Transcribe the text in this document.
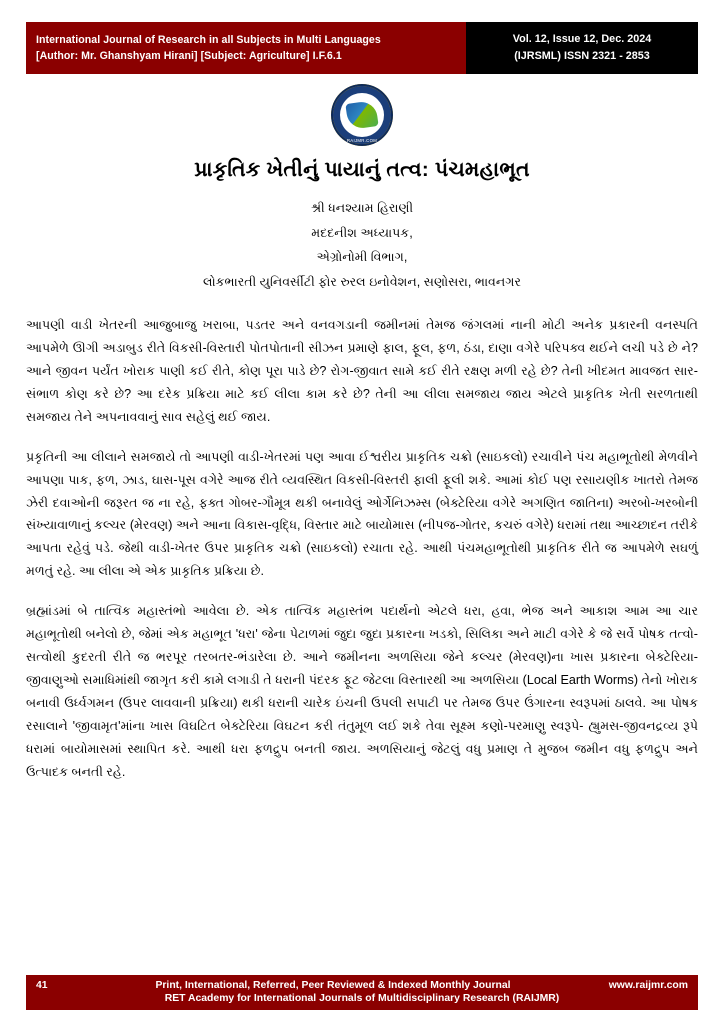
International Journal of Research in all Subjects in Multi Languages
[Author: Mr. Ghanshyam Hirani] [Subject: Agriculture] I.F.6.1
Vol. 12, Issue 12, Dec. 2024
(IJRSML) ISSN 2321 - 2853
RAIJMR.COM
પ્રાકૃતિક ખેતીનું પાયાનું તત્વ: પંચમહાભૂત
શ્રી ધનશ્યામ હિરાણી
મદદનીશ અધ્યાપક,
એગ્રોનોમી વિભાગ,
લોકભારતી યુનિવર્સીટી ફોર રુરલ ઇનોવેશન, સણોસરા, ભાવનગર

આપણી વાડી ખેતરની આજુબાજુ ખરાબા, પડતર અને વનવગડાની જમીનમાં તેમજ જંગલમાં નાની મોટી અનેક પ્રકારની વનસ્પતિ આપમેળે ઊગી અડાબુડ રીતે વિકસી-વિસ્તારી પોતપોતાની સીઝન પ્રમાણે ફાલ, ફૂલ, ફળ, ઠંડા, દાણા વગેરે પરિપક્વ થઈને લચી પડે છે ને? આને જીવન પર્યંત ખોરાક પાણી કઈ રીતે, કોણ પૂરા પાડે છે? રોગ-જીવાત સામે કઈ રીતે રક્ષણ મળી રહે છે? તેની ખીદમત માવજત સાર-સંભાળ કોણ કરે છે? આ દરેક પ્રક્રિયા માટે કઈ લીલા કામ કરે છે? તેની આ લીલા સમજાય જાય એટલે પ્રાકૃતિક ખેતી સરળતાથી સમજાય તેને અપનાવવાનું સાવ સહેલું થઈ જાય.

પ્રકૃતિની આ લીલાને સમજાયે તો આપણી વાડી-ખેતરમાં પણ આવા ઈશ્વરીય પ્રાકૃતિક ચક્રો (સાઇકલો) રચાવીને પંચ મહાભૂતોથી મેળવીને આપણા પાક, ફળ, ઝાડ, ઘાસ-પૂસ વગેરે આજ રીતે વ્યવસ્થિત વિકસી-વિસ્તરી ફાલી ફૂલી શકે. આમાં કોઈ પણ રસાયણીક ખાતરો તેમજ ઝેરી દવાઓની જરૂરત જ ના રહે, ફક્ત ગોબર-ગૌમૂત્ર થકી બનાવેલું ઓર્ગેનિઝમ્સ (બેક્ટેરિયા વગેરે અગણિત જાતિના) અરબો-ખરબોની સંખ્યાવાળાનું કલ્ચર (મેરવણ) અને આના વિકાસ-વૃદ્ધિ, વિસ્તાર માટે બાયોમાસ (નીપજ-ગોતર, કચરું વગેરે) ધરામાં તથા આચ્છાદન તરીકે આપતા રહેવું પડે. જેથી વાડી-ખેતર ઉપર પ્રાકૃતિક ચક્રો (સાઇકલો) રચાતા રહે. આથી પંચમહાભૂતોથી પ્રાકૃતિક રીતે જ આપમેળે સઘળું મળતું રહે. આ લીલા એ એક પ્રાકૃતિક પ્રક્રિયા છે.

બ્રહ્માંડમાં બે તાત્વિક મહાસ્તંભો આવેલા છે. એક તાત્વિક મહાસ્તંભ પદાર્થનો એટલે ધરા, હવા, ભેજ અને આકાશ આમ આ ચાર મહાભૂતોથી બનેલો છે, જેમાં એક મહાભૂત 'ધરા' જેના પેટાળમાં જુદા જુદા પ્રકારના ખડકો, સિલિકા અને માટી વગેરે કે જે સર્વે પોષક તત્વો-સત્વોથી કુદરતી રીતે જ ભરપૂર તરબતર-ભંડારેલા છે. આને જમીનના અળસિયા જેને કલ્ચર (મેરવણ)ના ખાસ પ્રકારના બેક્ટેરિયા-જીવાણુઓ સમાધિમાંથી જાગૃત કરી કામે લગાડી તે ધરાની પંદરક ફૂટ જેટલા વિસ્તારથી આ અળસિયા (Local Earth Worms) તેનો ખોરાક બનાવી ઉર્ધ્વગમન (ઉપર લાવવાની પ્રક્રિયા) થકી ધરાની ચારેક ઇંચની ઉપલી સપાટી પર તેમજ ઉપર ઉંગારના સ્વરૂપમાં ઠાલવે. આ પોષક રસાલાને 'જીવામૃત'માંના ખાસ વિઘટિત બેક્ટેરિયા વિઘટન કરી તંતુમૂળ લઈ શકે તેવા સૂક્ષ્મ કણો-પરમાણુ સ્વરૂપે- હ્યુમસ-જીવનદ્રવ્ય રૂપે ધરામાં બાયોમાસમાં સ્થાપિત કરે. આથી ધરા ફળદ્રુપ બનતી જાય. અળસિયાનું જેટલું વધુ પ્રમાણ તે મુજબ જમીન વધુ ફળદ્રુપ અને ઉત્પાદક બનતી રહે.

41	Print, International, Referred, Peer Reviewed & Indexed Monthly Journal	www.raijmr.com
RET Academy for International Journals of Multidisciplinary Research (RAIJMR)
